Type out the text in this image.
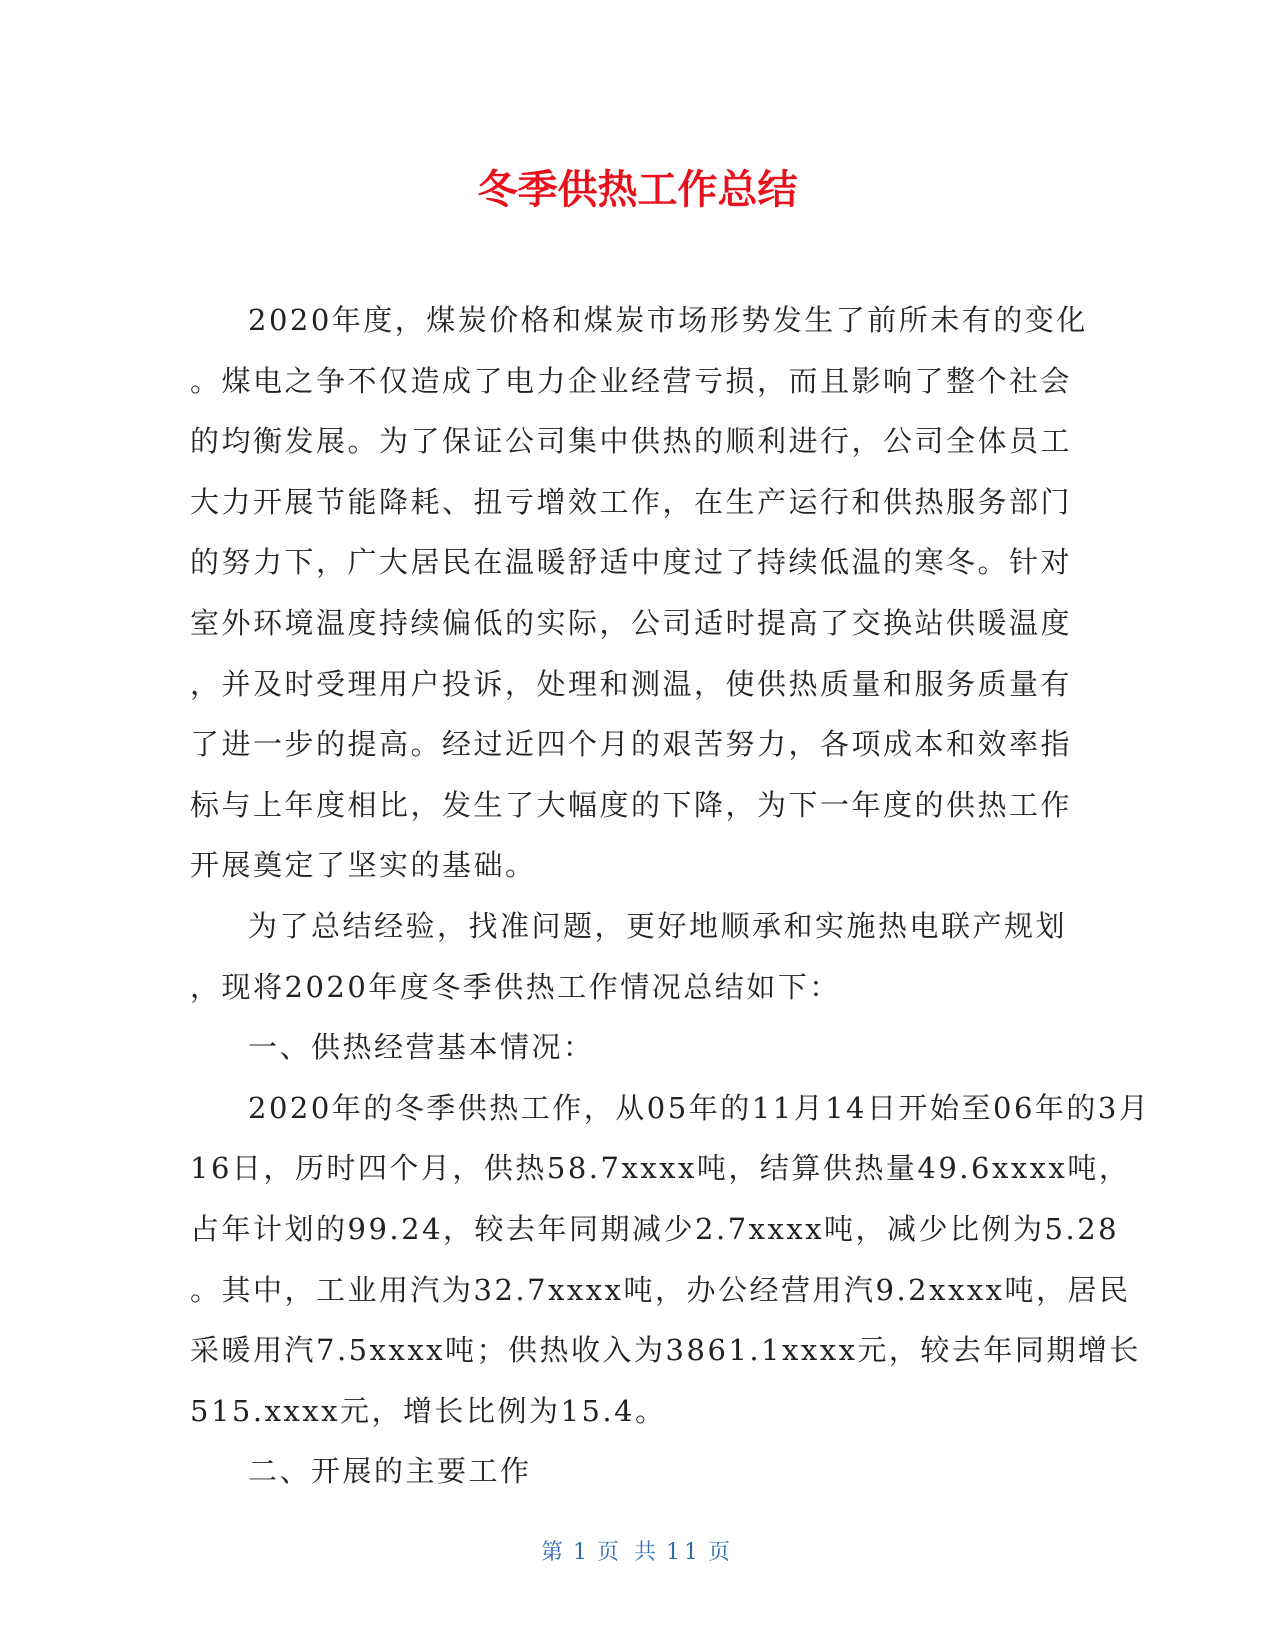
冬季供热工作总结
2020年度，煤炭价格和煤炭市场形势发生了前所未有的变化
。煤电之争不仅造成了电力企业经营亏损，而且影响了整个社会
的均衡发展。为了保证公司集中供热的顺利进行，公司全体员工
大力开展节能降耗、扭亏增效工作，在生产运行和供热服务部门
的努力下，广大居民在温暖舒适中度过了持续低温的寒冬。针对
室外环境温度持续偏低的实际，公司适时提高了交换站供暖温度
，并及时受理用户投诉，处理和测温，使供热质量和服务质量有
了进一步的提高。经过近四个月的艰苦努力，各项成本和效率指
标与上年度相比，发生了大幅度的下降，为下一年度的供热工作
开展奠定了坚实的基础。
为了总结经验，找准问题，更好地顺承和实施热电联产规划
，现将2020年度冬季供热工作情况总结如下：
一、供热经营基本情况：
2020年的冬季供热工作，从05年的11月14日开始至06年的3月
16日，历时四个月，供热58.7xxxx吨，结算供热量49.6xxxx吨，
占年计划的99.24，较去年同期减少2.7xxxx吨，减少比例为5.28
。其中，工业用汽为32.7xxxx吨，办公经营用汽9.2xxxx吨，居民
采暖用汽7.5xxxx吨；供热收入为3861.1xxxx元，较去年同期增长
515.xxxx元，增长比例为15.4。
二、开展的主要工作
第 1 页 共 11 页
